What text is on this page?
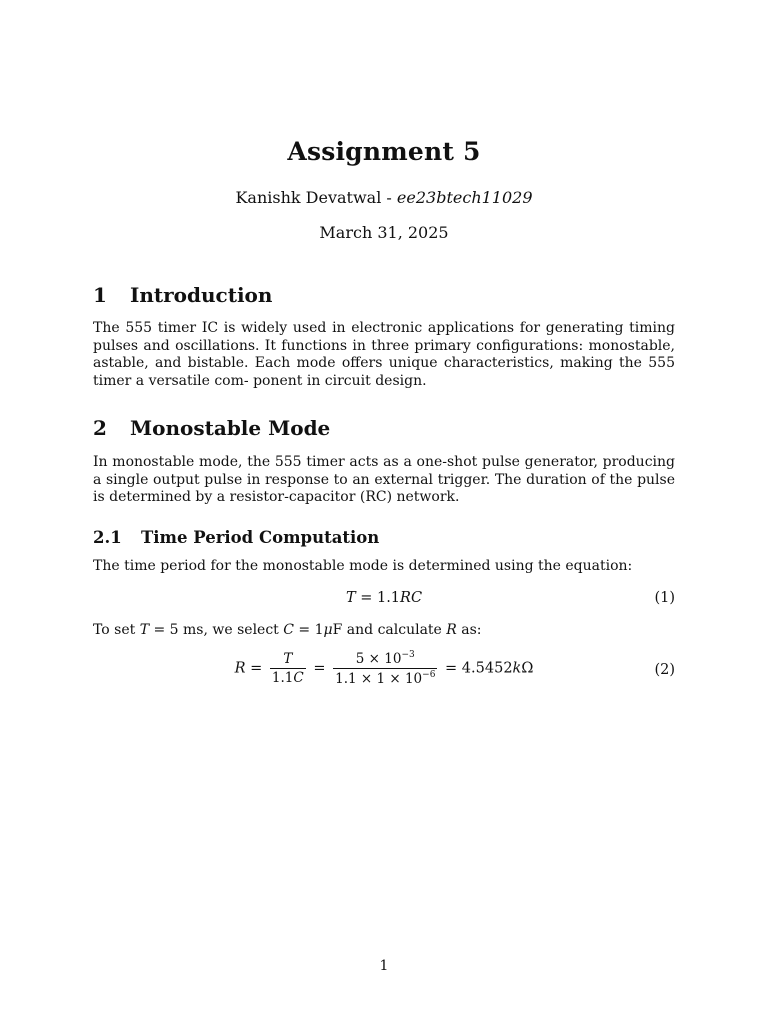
Assignment 5
Kanishk Devatwal - ee23btech11029
March 31, 2025
1 Introduction
The 555 timer IC is widely used in electronic applications for generating timing pulses and oscillations. It functions in three primary configurations: monostable, astable, and bistable. Each mode offers unique characteristics, making the 555 timer a versatile com- ponent in circuit design.
2 Monostable Mode
In monostable mode, the 555 timer acts as a one-shot pulse generator, producing a single output pulse in response to an external trigger. The duration of the pulse is determined by a resistor-capacitor (RC) network.
2.1 Time Period Computation
The time period for the monostable mode is determined using the equation:
T = 1.1RC	(1)
To set T = 5 ms, we select C = 1μF and calculate R as:
$R = \frac{T}{1.1C} = \frac{5 \times 10^{-3}}{1.1 \times 1 \times 10^{-6}} = 4.5452k\Omega$	(2)
1
